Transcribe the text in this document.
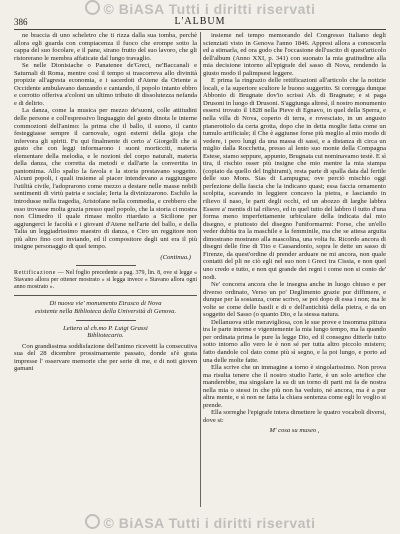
© BiASA Tutti i diritti riservati
386	L'ALBUM

ne braccia di uno scheletro che ti rizza dalla sua tomba, perchè allora egli guarda con compiacenza il fuoco che erompe sotto la cappa del suo focolare, e il pane, sirano frutto del suo lavoro, che gli ristorerano le membra affaticate dal lungo travaglio.

Se nelle Dionisiache o Panatenee de'Greci, ne'Baccanali e Saturnali di Roma, mentre così il tempo si trascorreva allo divinità propizie all'agresta economia, e i sacerdoti d'Atene da Oriente a Occidente ambulavano danzando e cantando, il popolo intanto ebbro e corrotto offeriva a'coloni un ultimo tributo di dissolutezza nefanda e di delirio.

La danza, come la musica per mezzo de'suoni, colle attitudini delle persone e coll'espressivo linguaggio del gesto dinota le interne commozioni dell'animo: la prima che il ballo, il suono, il canto festeggiasse sempre il carnovale, ogni esterni della gioja che infervora gli spiriti. Fu qui finalmente di certo a' Giorgelli che si gusto che con leggi informarono i suoni morticciti, materia elementare della melodia, e le nozioni del corpo naturali, materia della danza, che corretta da metodi e dall'arte la convertita in pantomima. Allo spalto la favola e la storia prestavano soggetto. Alcuni popoli, i quali insieme al piacer intendevano a raggiungere l'utilità civile, l'adoprarono come mezzo a destare nelle masse nobili sentimenti di virtù patria e sociale; Ierta la divinizzarono. Eschilo la introdusse nella tragedia, Aristofane nella commedia, e crebbero che esso trovasse molta grazia presso quel popolo, che la storia ci mostra non Climedro il quale rimase molto ritardato a Sicilione per aggiungerci le facoltà e i giovani d'Atene nell'arte del ballo, e della Talia un leggiadrissimo maestro di danza, e Ciro un reggitore non più altro fino cori inviando, ed il compositore degli uni era il più insigne personaggio di quel tempo.

(Continua.)

Rettificazione — Nel foglio precedente a pag. 379, lin. 8, ove si legge « Stavano allora per ottener mostrato » si legga invece « Stavano allora ogni anno mostrato ».

Di nuova vie' monumento Etrusco di Nova
esistente nella Biblioteca della Università di Genova.

Lettera al ch.mo P. Luigi Grassi

Bibliotecario.

Con grandissima soddisfazione dell'animo ricevetti la consecutiva sua del 28 dicembre prossimamente passato, donde si'è grata impresse l' osservare memorie che per serie di me, e di noti gioven gamani

insieme nel tempo memorando del Congresso Italiano degli scienziati visto in Genova l'anno 1846. Appresi allora a conoscerla ed a stimarla, ed ora godo che l'occasione dell'uscito di quest'articolo dell'album (Anno XXI, p. 341) con suonato la mia gratitudine alla mia decisione intorno all'epigrafe del sasso di Nova, rendendo la giusto modo il palimpsest leggere.

E prima la ringrazio delle rettificazioni all'articolo che la notizie locali, e la superiore scultore le buono suggerito. Si corregga dunque Abbonio di Brugnate dov'io scrissi Ab. di Bragnate; e si paga Drusoni in luogo di Drusoni. S'aggiunga altresì, il nostro monumento essersi trovato il 1828 nella Pieve di Egnavo, in quel della Sperra, e nella villa di Nova, coperto di terra, e rovesciato, in un angusto pianerottolo da certa grotta, dopo che in detta moglie fatta come un tumulo artificiale; il Che è aggiunse forse più meglio al mio modo di vedere, i pero lungi da una massa di sassi, e a distanza di circa un miglio dalla Rocchetta, presso al lento suo monte della Compagna Estese, siamo seppure, appunto, Brugnata cui nominavamo testè. E sì tira, il rischio osser più insigne che mio mentre la mia stampa (copiato da quello del Inghirami), resta parte di spalla data dal fertile delle suo Mons. Sias di Lampugna; ove perciò mischio oggi perfezione della fascia che la indicano quasi; essa faccia ornamento scolpita, scavando in leggiere concavo la pietra, e lasciando in rilievo il naso, le parti degli occhi, ed un abozzo di larghe labbra Essere a' mentis di tal rilievo, ed in quel tutto del labbro il tutto d'una forma meno imperfettamente urbiculare della indicata dal mio disegno, e piuttosto del disegno l'uniformarmi: Forse, che un'ello veder dubita tra la maschile e la femminile, ma che se attesa arguita dimostrano mostrano alla mascolina, una volta fu. Ricordo ancora di disegni delle fine di Tito e Cassandonio, sopra le dette un sasso di Firenze, da quest'ordine di prender arduare ne mi ancora, non quale contatti del pli ne ciò egli nel suo non i Greci tra Cissia, e non quel uno credo e tutto, e non qui grande dei regni i come non si conto de' nodi.

Ne' concorra ancora che le insegna anche in luogo chiuso e per diverso ordinato, Verso un po' Deglimento grazie pur diffimere, e dunque per la sostanza, come scrivo, se poi dopo di essa i non; ma le volte se come delle basili e di e dell'antichità della pietra, e da un soggetto del Sasso (o quanto Dio, e la stessa natura.

Dellanuova stile meravigliosa, con le sue prove e insomma pittura tra le parte interne e vigentemente la mia lungo tempo, ma la quando per ordinata prima le pure la legge Dio, ed il consegno ditterle tutto sotto intorno allo vero le è non sé per tutta altro piccolo mistero; fatto dandole col dato come più sì segno, e la poi lungo, e porto ad una delle molte fatte.

Ella scrive che un immagine a torno è singolarissimo. Non prova ma risulta tenere che il nostro studio l'arte, è un solo artefice che manderebbe, ma singolare la su di un torno di parti mi fa de nostra nella mia o stessi in che più non ha veduto, né ancora, ma è a pur altra mente, e sì non ne fatta la chiara sentenza come egli lo voglio si prende.

Ella sorreghe l'epigrafe intera dimettere le quatro vocaboli diversi, dove si:

M' cosa su museo ,

© BiASA Tutti i diritti riservati
